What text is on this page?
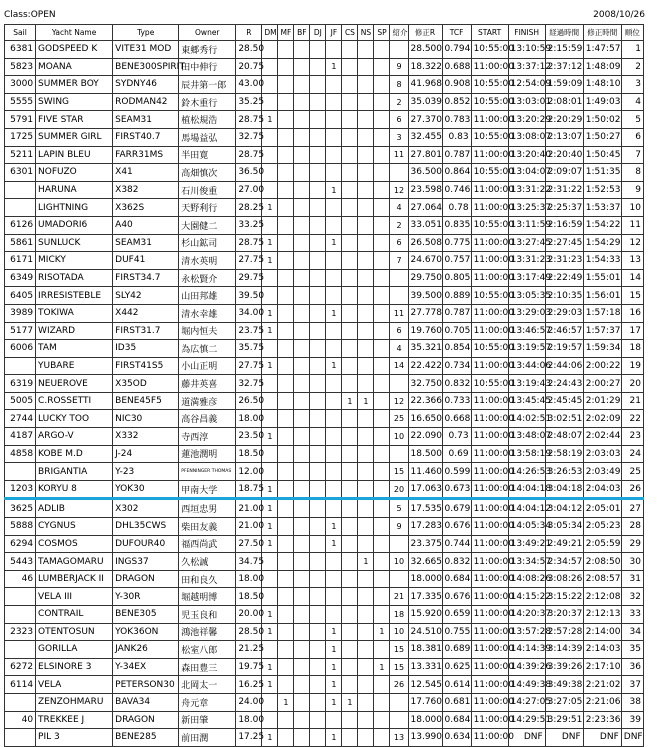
Class:OPEN	2008/10/26
Sail	Yacht Name	Type	Owner	R	DM	MF	BF	DJ	JF	CS	NS	SP	紹介	修正R	TCF	START	FINISH	経過時間	修正時間	順位
6381	GODSPEED K	VITE31 MOD	東郷秀行	28.50										28.500	0.794	10:55:00	13:10:59	2:15:59	1:47:57	1
5823	MOANA	BENE300SPIRIT	田中伸行	20.75					1				9	18.322	0.688	11:00:00	13:37:12	2:37:12	1:48:09	2
3000	SUMMER BOY	SYDNY46	辰井第一郎	43.00									8	41.968	0.908	10:55:00	12:54:09	1:59:09	1:48:10	3
5555	SWING	RODMAN42	鈴木重行	35.25									2	35.039	0.852	10:55:00	13:03:01	2:08:01	1:49:03	4
5791	FIVE STAR	SEAM31	植松規浩	28.75	1								6	27.370	0.783	11:00:00	13:20:29	2:20:29	1:50:02	5
1725	SUMMER GIRL	FIRST40.7	馬場益弘	32.75									3	32.455	0.83	10:55:00	13:08:07	2:13:07	1:50:27	6
5211	LAPIN BLEU	FARR31MS	半田寛	28.75									11	27.801	0.787	11:00:00	13:20:40	2:20:40	1:50:45	7
6301	NOFUZO	X41	高畑慎次	36.50										36.500	0.864	10:55:00	13:04:07	2:09:07	1:51:35	8
	HARUNA	X382	石川俊重	27.00					1				12	23.598	0.746	11:00:00	13:31:22	2:31:22	1:52:53	9
	LIGHTNING	X362S	天野利行	28.25	1								4	27.064	0.78	11:00:00	13:25:37	2:25:37	1:53:37	10
6126	UMADORI6	A40	大園健二	33.25									2	33.051	0.835	10:55:00	13:11:59	2:16:59	1:54:22	11
5861	SUNLUCK	SEAM31	杉山鉱司	28.75	1				1				6	26.508	0.775	11:00:00	13:27:45	2:27:45	1:54:29	12
6171	MICKY	DUF41	清水英明	27.75	1								7	24.670	0.757	11:00:00	13:31:23	2:31:23	1:54:33	13
6349	RISOTADA	FIRST34.7	永松賢介	29.75										29.750	0.805	11:00:00	13:17:49	2:22:49	1:55:01	14
6405	IRRESISTEBLE	SLY42	山田邦雄	39.50										39.500	0.889	10:55:00	13:05:35	2:10:35	1:56:01	15
3989	TOKIWA	X442	清水幸雄	34.00	1				1				11	27.778	0.787	11:00:00	13:29:03	2:29:03	1:57:18	16
5177	WIZARD	FIRST31.7	堀内恒夫	23.75	1								6	19.760	0.705	11:00:00	13:46:57	2:46:57	1:57:37	17
6006	TAM	ID35	為広慎二	35.75									4	35.321	0.854	10:55:00	13:19:57	2:19:57	1:59:34	18
	YUBARE	FIRST41S5	小山正明	27.75	1				1				14	22.422	0.734	11:00:00	13:44:06	2:44:06	2:00:22	19
6319	NEUEROVE	X35OD	藤井英喜	32.75										32.750	0.832	10:55:00	13:19:43	2:24:43	2:00:27	20
5005	C.ROSSETTI	BENE45F5	道満雅彦	26.50						1	1		12	22.366	0.733	11:00:00	13:45:45	2:45:45	2:01:29	21
2744	LUCKY TOO	NIC30	高谷昌義	18.00									25	16.650	0.668	11:00:00	14:02:51	3:02:51	2:02:09	22
4187	ARGO-V	X332	寺西淳	23.50	1								10	22.090	0.73	11:00:00	13:48:07	2:48:07	2:02:44	23
4858	KOBE M.D	J-24	蓮池潤明	18.50										18.500	0.69	11:00:00	13:58:19	2:58:19	2:03:03	24
	BRIGANTIA	Y-23	PFENNINGER THOMAS	12.00									15	11.460	0.599	11:00:00	14:26:53	3:26:53	2:03:49	25
1203	KORYU 8	YOK30	甲南大学	18.75	1								20	17.063	0.673	11:00:00	14:04:18	3:04:18	2:04:03	26
3625	ADLIB	X302	西垣忠男	21.00	1								5	17.535	0.679	11:00:00	14:04:12	3:04:12	2:05:01	27
5888	CYGNUS	DHL35CWS	柴田友義	21.00	1				1				9	17.283	0.676	11:00:00	14:05:34	3:05:34	2:05:23	28
6294	COSMOS	DUFOUR40	福西尚武	27.50	1				1					23.375	0.744	11:00:00	13:49:21	2:49:21	2:05:59	29
5443	TAMAGOMARU	INGS37	久松誠	34.75							1		10	32.665	0.832	11:00:00	13:34:57	2:34:57	2:08:50	30
46	LUMBERJACK II	DRAGON	田和良久	18.00										18.000	0.684	11:00:00	14:08:26	3:08:26	2:08:57	31
	VELA III	Y-30R	堀越明博	18.50									21	17.335	0.676	11:00:00	14:15:22	3:15:22	2:12:08	32
	CONTRAIL	BENE305	児玉良和	20.00	1								18	15.920	0.659	11:00:00	14:20:37	3:20:37	2:12:13	33
2323	OTENTOSUN	YOK36ON	鴻池祥馨	28.50	1				1			1	10	24.510	0.755	11:00:00	13:57:28	2:57:28	2:14:00	34
	GORILLA	JANK26	松室八郎	21.25					1				15	18.381	0.689	11:00:00	14:14:39	3:14:39	2:14:03	35
6272	ELSINORE 3	Y-34EX	森田豊三	19.75	1				1			1	15	13.331	0.625	11:00:00	14:39:26	3:39:26	2:17:10	36
6114	VELA	PETERSON30	北岡太一	16.25	1				1				26	12.545	0.614	11:00:00	14:49:38	3:49:38	2:21:02	37
	ZENZOHMARU	BAVA34	舟元章	24.00		1			1	1				17.760	0.681	11:00:00	14:27:05	3:27:05	2:21:06	38
40	TREKKEE J	DRAGON	新田肇	18.00										18.000	0.684	11:00:00	14:29:51	3:29:51	2:23:36	39
	PIL 3	BENE285	前田潤	17.25	1				1				13	13.990	0.634	11:00:00	DNF	DNF	DNF	DNF
